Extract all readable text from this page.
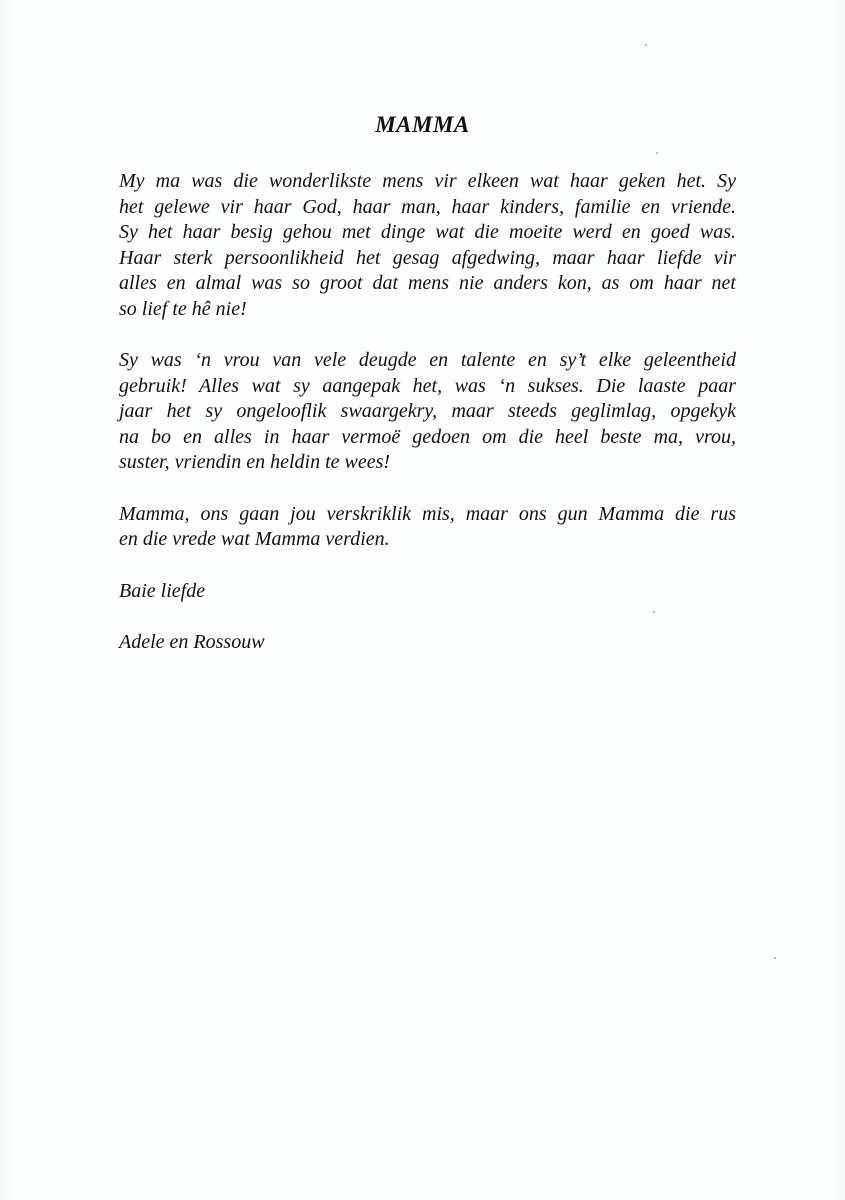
MAMMA
My ma was die wonderlikste mens vir elkeen wat haar geken het. Sy
het gelewe vir haar God, haar man, haar kinders, familie en vriende.
Sy het haar besig gehou met dinge wat die moeite werd en goed was.
Haar sterk persoonlikheid het gesag afgedwing, maar haar liefde vir
alles en almal was so groot dat mens nie anders kon, as om haar net
so lief te hê nie!
Sy was ‘n vrou van vele deugde en talente en sy’t elke geleentheid
gebruik! Alles wat sy aangepak het, was ‘n sukses. Die laaste paar
jaar het sy ongelooflik swaargekry, maar steeds geglimlag, opgekyk
na bo en alles in haar vermoë gedoen om die heel beste ma, vrou,
suster, vriendin en heldin te wees!
Mamma, ons gaan jou verskriklik mis, maar ons gun Mamma die rus
en die vrede wat Mamma verdien.
Baie liefde
Adele en Rossouw
